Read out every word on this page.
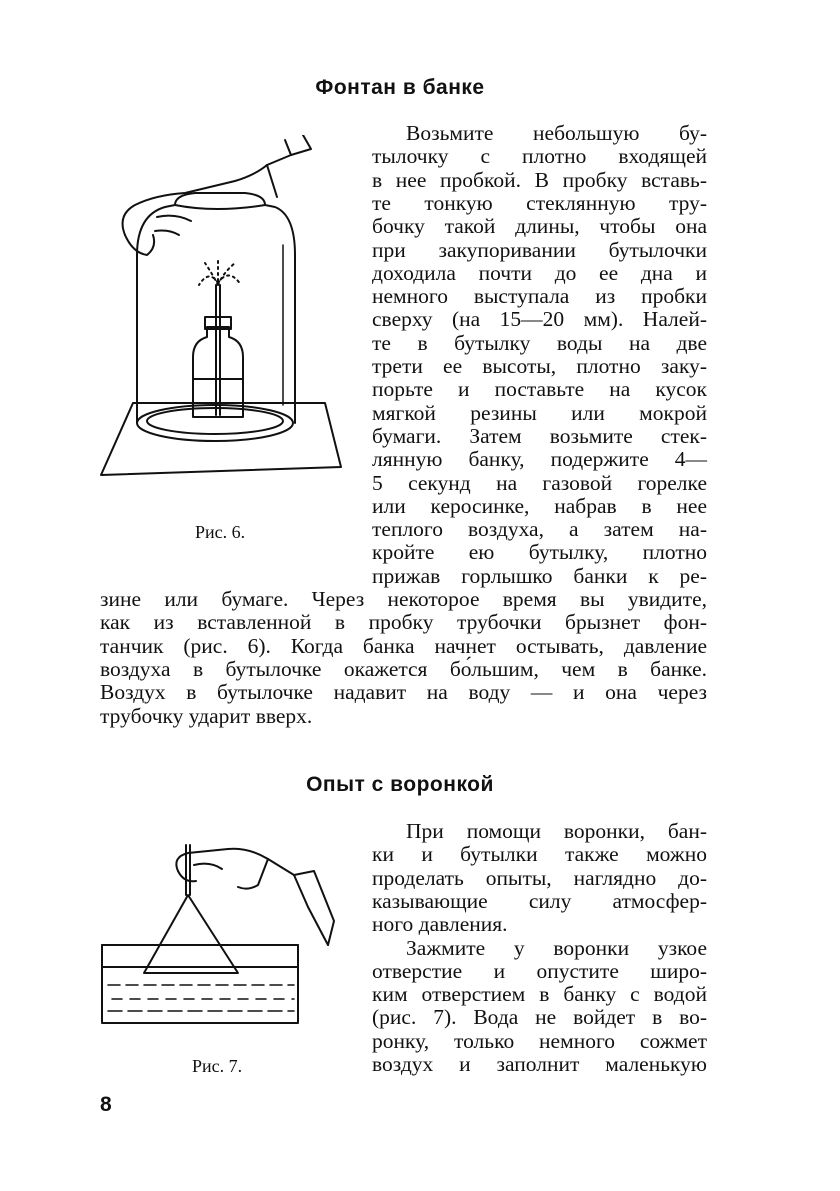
Фонтан в банке
Рис. 6.
Возьмите небольшую бу-
тылочку с плотно входящей
в нее пробкой. В пробку вставь-
те тонкую стеклянную тру-
бочку такой длины, чтобы она
при закупоривании бутылочки
доходила почти до ее дна и
немного выступала из пробки
сверху (на 15—20 мм). Налей-
те в бутылку воды на две
трети ее высоты, плотно заку-
порьте и поставьте на кусок
мягкой резины или мокрой
бумаги. Затем возьмите стек-
лянную банку, подержите 4—
5 секунд на газовой горелке
или керосинке, набрав в нее
теплого воздуха, а затем на-
кройте ею бутылку, плотно
прижав горлышко банки к ре-
зине или бумаге. Через некоторое время вы увидите,
как из вставленной в пробку трубочки брызнет фон-
танчик (рис. 6). Когда банка начнет остывать, давление
воздуха в бутылочке окажется бо́льшим, чем в банке.
Воздух в бутылочке надавит на воду — и она через
трубочку ударит вверх.
Опыт с воронкой
Рис. 7.
При помощи воронки, бан-
ки и бутылки также можно
проделать опыты, наглядно до-
казывающие силу атмосфер-
ного давления.
Зажмите у воронки узкое
отверстие и опустите широ-
ким отверстием в банку с водой
(рис. 7). Вода не войдет в во-
ронку, только немного сожмет
воздух и заполнит маленькую
8
